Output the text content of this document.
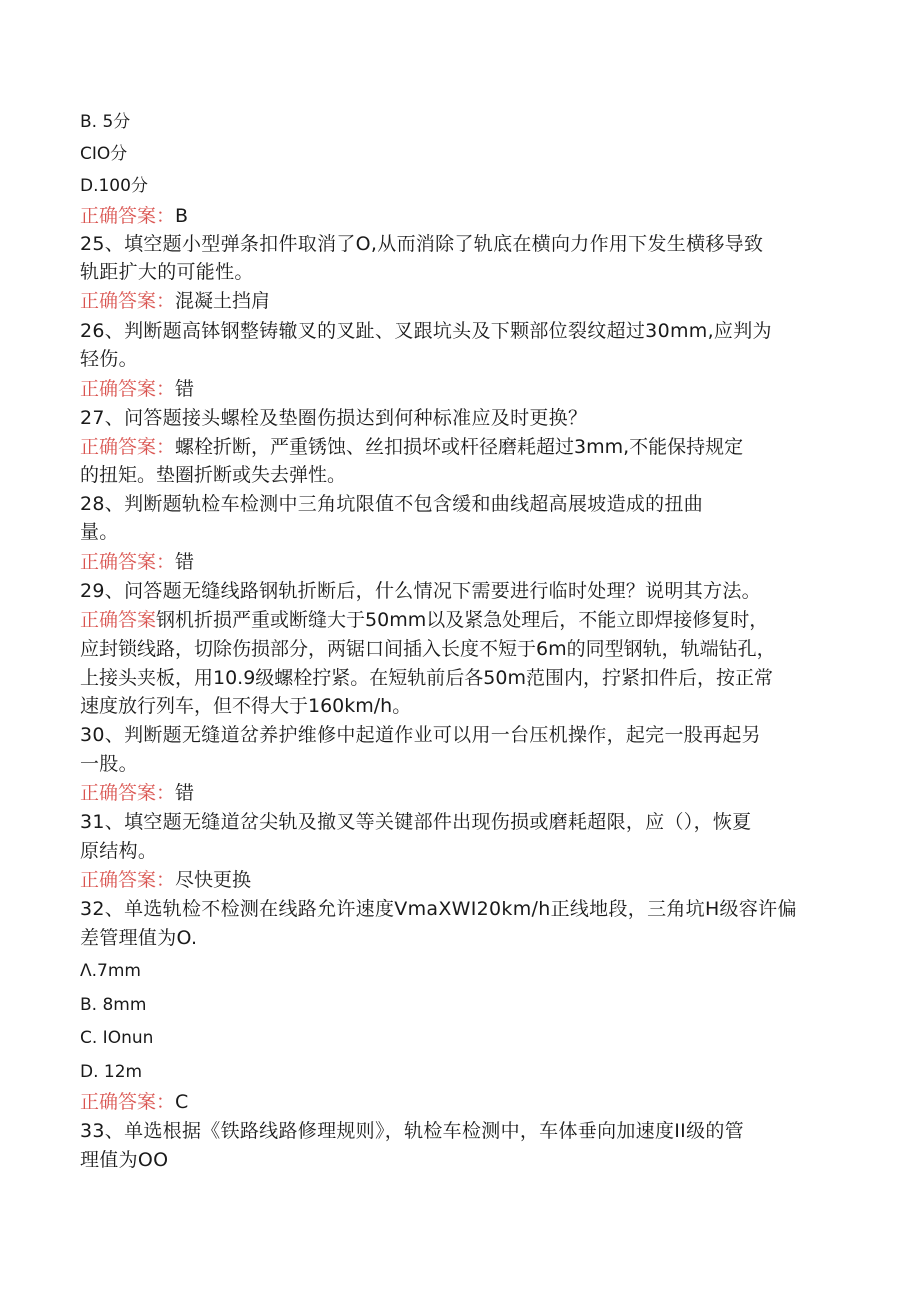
B. 5分
CIO分
D.100分
正确答案：B
25、填空题小型弹条扣件取消了O,从而消除了轨底在横向力作用下发生横移导致
轨距扩大的可能性。
正确答案：混凝土挡肩
26、判断题高钵钢整铸辙叉的叉趾、叉跟坑头及下颗部位裂纹超过30mm,应判为
轻伤。
正确答案：错
27、问答题接头螺栓及垫圈伤损达到何种标准应及时更换？
正确答案：螺栓折断，严重锈蚀、丝扣损坏或杆径磨耗超过3mm,不能保持规定
的扭矩。垫圈折断或失去弹性。
28、判断题轨检车检测中三角坑限值不包含缓和曲线超高展坡造成的扭曲
量。
正确答案：错
29、问答题无缝线路钢轨折断后，什么情况下需要进行临时处理？说明其方法。
正确答案钢机折损严重或断缝大于50mm以及紧急处理后，不能立即焊接修复时，
应封锁线路，切除伤损部分，两锯口间插入长度不短于6m的同型钢轨，轨端钻孔，
上接头夹板，用10.9级螺栓拧紧。在短轨前后各50m范围内，拧紧扣件后，按正常
速度放行列车，但不得大于160km∕h。
30、判断题无缝道岔养护维修中起道作业可以用一台压机操作，起完一股再起另
一股。
正确答案：错
31、填空题无缝道岔尖轨及撤叉等关键部件出现伤损或磨耗超限，应（），恢夏
原结构。
正确答案：尽快更换
32、单选轨检不检测在线路允许速度VmaXWI20km∕h正线地段，三角坑H级容许偏
差管理值为O.
Λ.7mm
B. 8mm
C. IOnun
D. 12m
正确答案：C
33、单选根据《铁路线路修理规则》，轨检车检测中，车体垂向加速度II级的管
理值为OO
